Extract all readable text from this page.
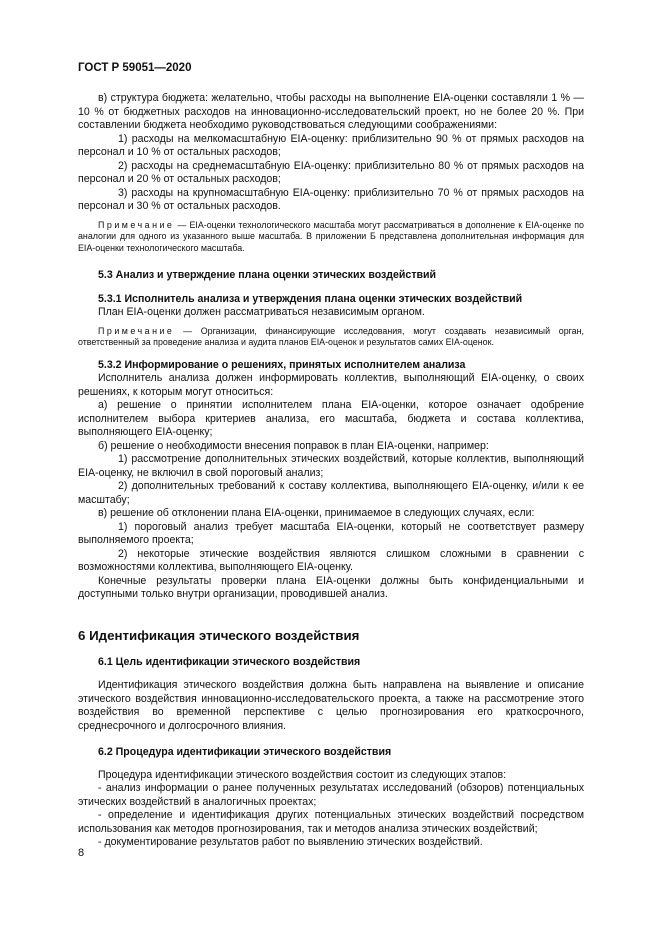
ГОСТ Р 59051—2020

в) структура бюджета: желательно, чтобы расходы на выполнение EIA-оценки составляли 1 % — 10 % от бюджетных расходов на инновационно-исследовательский проект, но не более 20 %. При составлении бюджета необходимо руководствоваться следующими соображениями:

1) расходы на мелкомасштабную EIA-оценку: приблизительно 90 % от прямых расходов на персонал и 10 % от остальных расходов;

2) расходы на среднемасштабную EIA-оценку: приблизительно 80 % от прямых расходов на персонал и 20 % от остальных расходов;

3) расходы на крупномасштабную EIA-оценку: приблизительно 70 % от прямых расходов на персонал и 30 % от остальных расходов.

Примечание — EIA-оценки технологического масштаба могут рассматриваться в дополнение к EIA-оценке по аналогии для одного из указанного выше масштаба. В приложении Б представлена дополнительная информация для EIA-оценки технологического масштаба.

5.3 Анализ и утверждение плана оценки этических воздействий

5.3.1 Исполнитель анализа и утверждения плана оценки этических воздействий

План EIA-оценки должен рассматриваться независимым органом.

Примечание — Организации, финансирующие исследования, могут создавать независимый орган, ответственный за проведение анализа и аудита планов EIA-оценок и результатов самих EIA-оценок.

5.3.2 Информирование о решениях, принятых исполнителем анализа

Исполнитель анализа должен информировать коллектив, выполняющий EIA-оценку, о своих решениях, к которым могут относиться:

а) решение о принятии исполнителем плана EIA-оценки, которое означает одобрение исполнителем выбора критериев анализа, его масштаба, бюджета и состава коллектива, выполняющего EIA-оценку;

б) решение о необходимости внесения поправок в план EIA-оценки, например:

1) рассмотрение дополнительных этических воздействий, которые коллектив, выполняющий EIA-оценку, не включил в свой пороговый анализ;

2) дополнительных требований к составу коллектива, выполняющего EIA-оценку, и/или к ее масштабу;

в) решение об отклонении плана EIA-оценки, принимаемое в следующих случаях, если:

1) пороговый анализ требует масштаба EIA-оценки, который не соответствует размеру выполняемого проекта;

2) некоторые этические воздействия являются слишком сложными в сравнении с возможностями коллектива, выполняющего EIA-оценку.

Конечные результаты проверки плана EIA-оценки должны быть конфиденциальными и доступными только внутри организации, проводившей анализ.

6 Идентификация этического воздействия

6.1 Цель идентификации этического воздействия

Идентификация этического воздействия должна быть направлена на выявление и описание этического воздействия инновационно-исследовательского проекта, а также на рассмотрение этого воздействия во временной перспективе с целью прогнозирования его краткосрочного, среднесрочного и долгосрочного влияния.

6.2 Процедура идентификации этического воздействия

Процедура идентификации этического воздействия состоит из следующих этапов:

- анализ информации о ранее полученных результатах исследований (обзоров) потенциальных этических воздействий в аналогичных проектах;

- определение и идентификация других потенциальных этических воздействий посредством использования как методов прогнозирования, так и методов анализа этических воздействий;

- документирование результатов работ по выявлению этических воздействий.

8
